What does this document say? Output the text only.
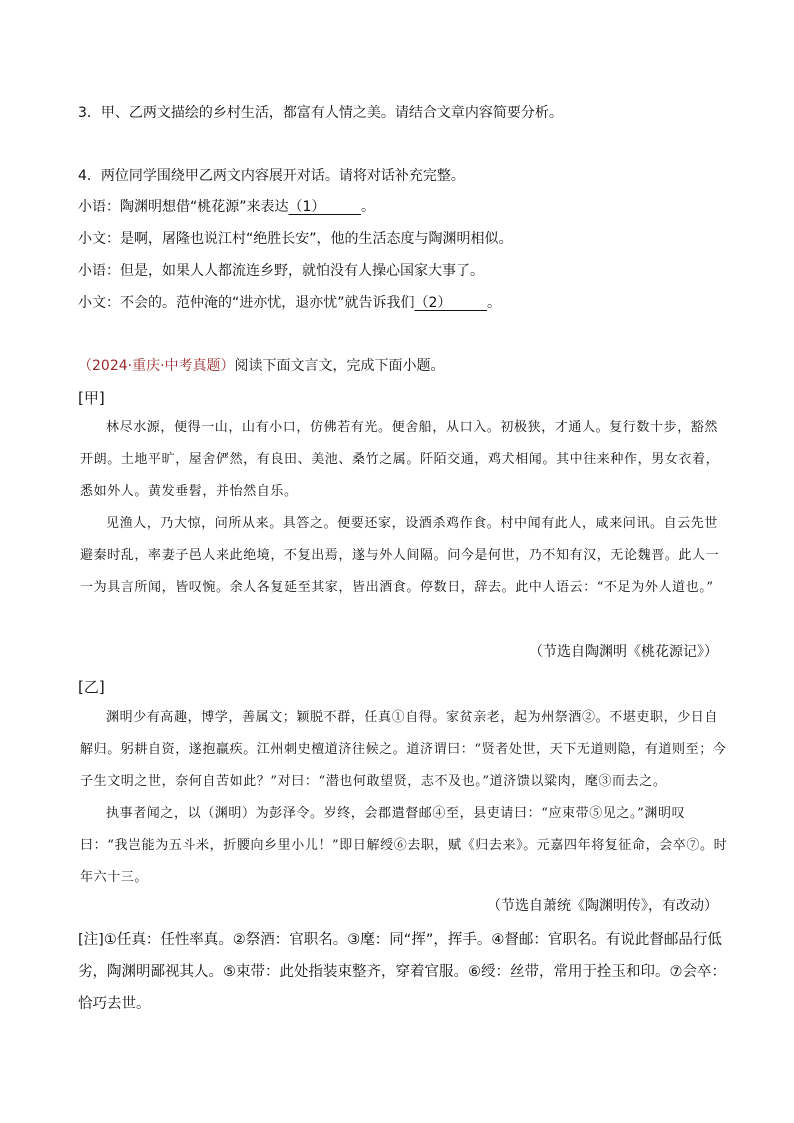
3．甲、乙两文描绘的乡村生活，都富有人情之美。请结合文章内容简要分析。
4．两位同学围绕甲乙两文内容展开对话。请将对话补充完整。
小语：陶渊明想借“桃花源”来表达（1）	。
小文：是啊，屠隆也说江村“绝胜长安”，他的生活态度与陶渊明相似。
小语：但是，如果人人都流连乡野，就怕没有人操心国家大事了。
小文：不会的。范仲淹的“进亦忧，退亦忧”就告诉我们（2）	。
（2024·重庆·中考真题）阅读下面文言文，完成下面小题。
[甲]

林尽水源，便得一山，山有小口，仿佛若有光。便舍船，从口入。初极狭，才通人。复行数十步，豁然开朗。土地平旷，屋舍俨然，有良田、美池、桑竹之属。阡陌交通，鸡犬相闻。其中往来种作，男女衣着，悉如外人。黄发垂髫，并怡然自乐。

见渔人，乃大惊，问所从来。具答之。便要还家，设酒杀鸡作食。村中闻有此人，咸来问讯。自云先世避秦时乱，率妻子邑人来此绝境，不复出焉，遂与外人间隔。问今是何世，乃不知有汉，无论魏晋。此人一一为具言所闻，皆叹惋。余人各复延至其家，皆出酒食。停数日，辞去。此中人语云：“不足为外人道也。”

（节选自陶渊明《桃花源记》）
[乙]

渊明少有高趣，博学，善属文；颖脱不群，任真①自得。家贫亲老，起为州祭酒②。不堪吏职，少日自解归。躬耕自资，遂抱羸疾。江州刺史檀道济往候之。道济谓曰：“贤者处世，天下无道则隐，有道则至；今子生文明之世，奈何自苦如此？”对曰：“潜也何敢望贤，志不及也。”道济馈以粱肉，麾③而去之。

执事者闻之，以（渊明）为彭泽令。岁终，会郡遣督邮④至，县吏请曰：“应束带⑤见之。”渊明叹曰：“我岂能为五斗米，折腰向乡里小儿！”即日解绶⑥去职，赋《归去来》。元嘉四年将复征命，会卒⑦。时年六十三。

（节选自萧统《陶渊明传》，有改动）
[注]①任真：任性率真。②祭酒：官职名。③麾：同“挥”，挥手。④督邮：官职名。有说此督邮品行低劣，陶渊明鄙视其人。⑤束带：此处指装束整齐，穿着官服。⑥绶：丝带，常用于拴玉和印。⑦会卒：恰巧去世。
